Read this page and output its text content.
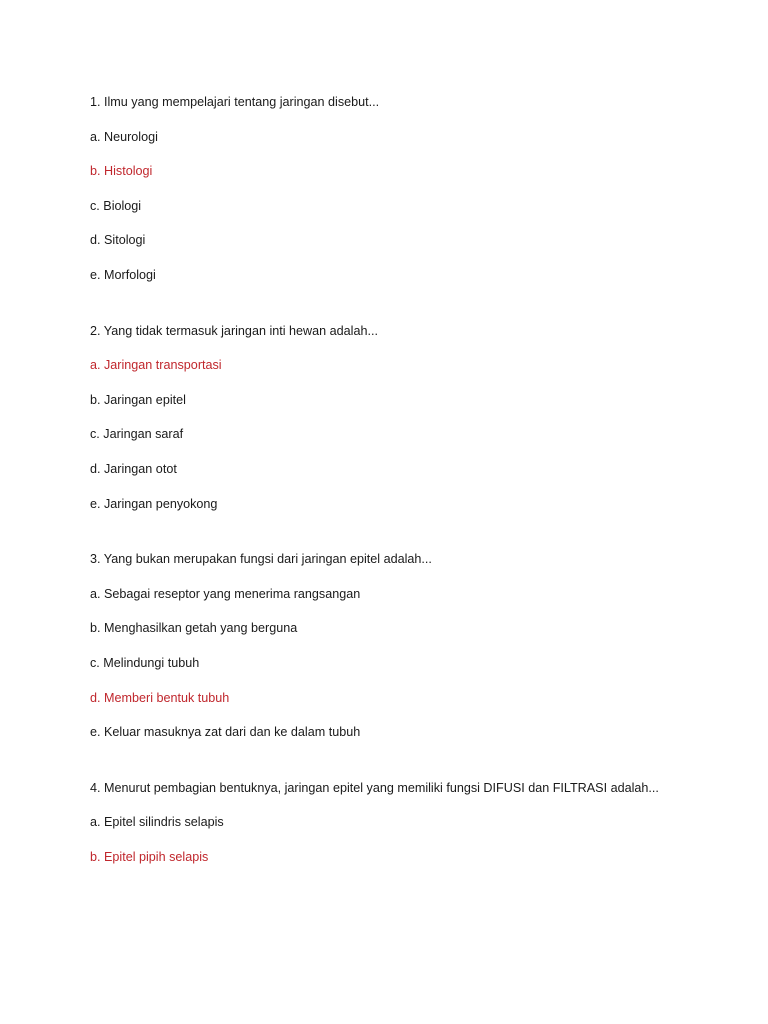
1. Ilmu yang mempelajari tentang jaringan disebut...
a. Neurologi
b. Histologi
c. Biologi
d. Sitologi
e. Morfologi
2. Yang tidak termasuk jaringan inti hewan adalah...
a. Jaringan transportasi
b. Jaringan epitel
c. Jaringan saraf
d. Jaringan otot
e. Jaringan penyokong
3. Yang bukan merupakan fungsi dari jaringan epitel adalah...
a. Sebagai reseptor yang menerima rangsangan
b. Menghasilkan getah yang berguna
c. Melindungi tubuh
d. Memberi bentuk tubuh
e. Keluar masuknya zat dari dan ke dalam tubuh
4. Menurut pembagian bentuknya, jaringan epitel yang memiliki fungsi DIFUSI dan FILTRASI adalah...
a. Epitel silindris selapis
b. Epitel pipih selapis
